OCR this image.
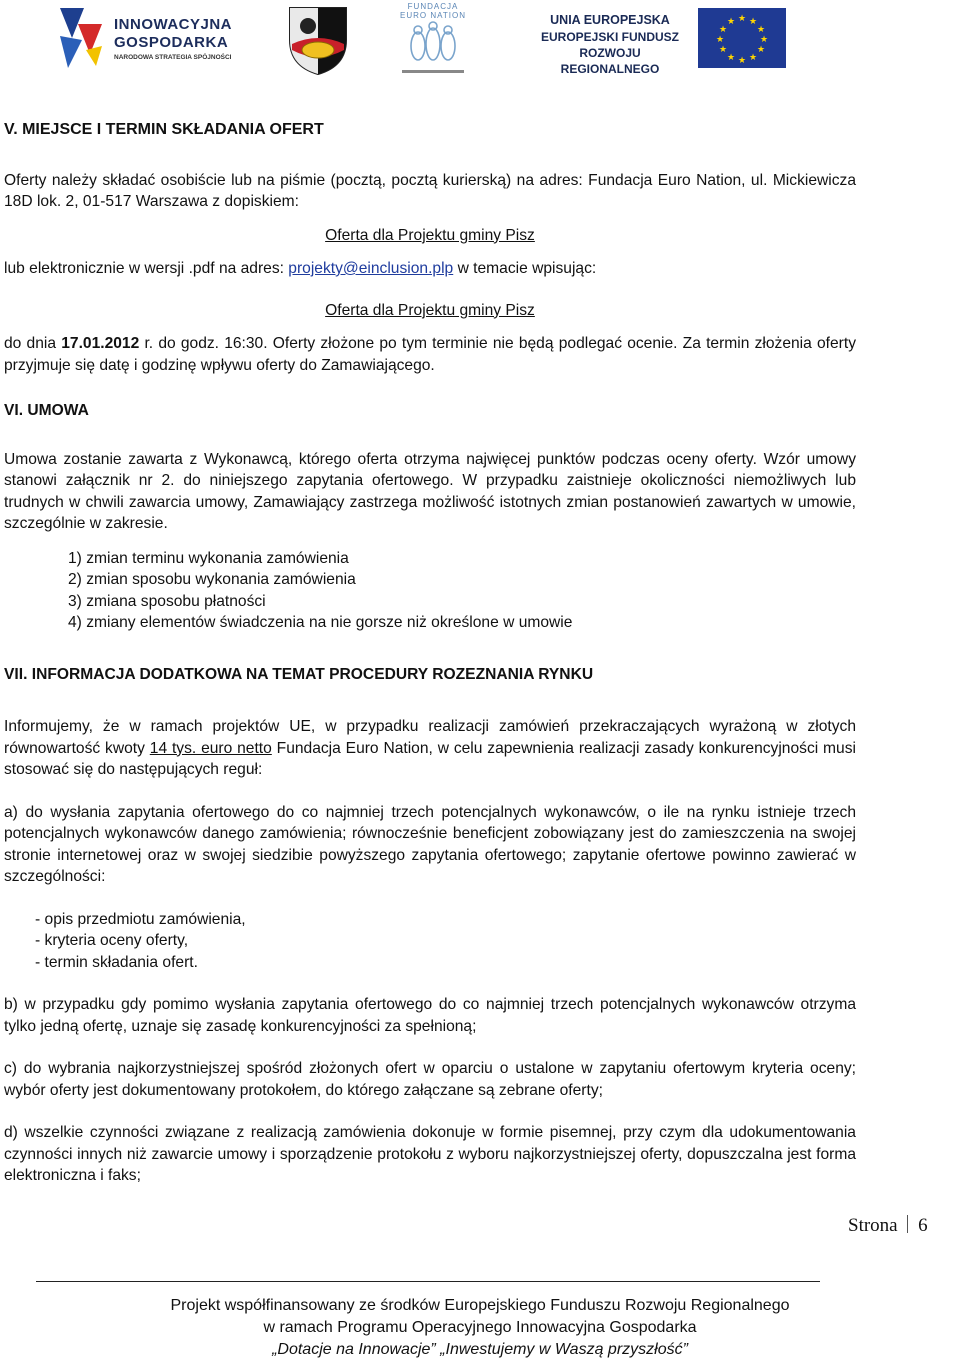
INNOWACYJNA
GOSPODARKA
NARODOWA STRATEGIA SPÓJNOŚCI
FUNDACJA EURO NATION	UNIA EUROPEJSKA
EUROPEJSKI FUNDUSZ
ROZWOJU REGIONALNEGO
★ ★
★
★
★
★
★
★
★
★
★
★

V. MIEJSCE I TERMIN SKŁADANIA OFERT

Oferty należy składać osobiście lub na piśmie (pocztą, pocztą kurierską) na adres: Fundacja Euro Nation, ul. Mickiewicza 18D lok. 2, 01-517 Warszawa z dopiskiem:

Oferta dla Projektu gminy Pisz

lub elektronicznie w wersji .pdf na adres: projekty@einclusion.plp w temacie wpisując:

Oferta dla Projektu gminy Pisz

do dnia 17.01.2012 r. do godz. 16:30. Oferty złożone po tym terminie nie będą podlegać ocenie. Za termin złożenia oferty przyjmuje się datę i godzinę wpływu oferty do Zamawiającego.

VI. UMOWA

Umowa zostanie zawarta z Wykonawcą, którego oferta otrzyma najwięcej punktów podczas oceny oferty. Wzór umowy stanowi załącznik nr 2. do niniejszego zapytania ofertowego. W przypadku zaistnieje okoliczności niemożliwych lub trudnych w chwili zawarcia umowy, Zamawiający zastrzega możliwość istotnych zmian postanowień zawartych w umowie, szczególnie w zakresie.

1) zmian terminu wykonania zamówienia
2) zmian sposobu wykonania zamówienia
3) zmiana sposobu płatności
4) zmiany elementów świadczenia na nie gorsze niż określone w umowie

VII. INFORMACJA DODATKOWA NA TEMAT PROCEDURY ROZEZNANIA RYNKU

Informujemy, że w ramach projektów UE, w przypadku realizacji zamówień przekraczających wyrażoną w złotych równowartość kwoty 14 tys. euro netto Fundacja Euro Nation, w celu zapewnienia realizacji zasady konkurencyjności musi stosować się do następujących reguł:

a) do wysłania zapytania ofertowego do co najmniej trzech potencjalnych wykonawców, o ile na rynku istnieje trzech potencjalnych wykonawców danego zamówienia; równocześnie beneficjent zobowiązany jest do zamieszczenia na swojej stronie internetowej oraz w swojej siedzibie powyższego zapytania ofertowego; zapytanie ofertowe powinno zawierać w szczególności:

- opis przedmiotu zamówienia,
- kryteria oceny oferty,
- termin składania ofert.

b) w przypadku gdy pomimo wysłania zapytania ofertowego do co najmniej trzech potencjalnych wykonawców otrzyma tylko jedną ofertę, uznaje się zasadę konkurencyjności za spełnioną;

c) do wybrania najkorzystniejszej spośród złożonych ofert w oparciu o ustalone w zapytaniu ofertowym kryteria oceny; wybór oferty jest dokumentowany protokołem, do którego załączane są zebrane oferty;

d) wszelkie czynności związane z realizacją zamówienia dokonuje w formie pisemnej, przy czym dla udokumentowania czynności innych niż zawarcie umowy i sporządzenie protokołu z wyboru najkorzystniejszej oferty, dopuszczalna jest forma elektroniczna i faks;

Strona 6
Projekt współfinansowany ze środków Europejskiego Funduszu Rozwoju Regionalnego
w ramach Programu Operacyjnego Innowacyjna Gospodarka
„Dotacje na Innowacje” „Inwestujemy w Waszą przyszłość”
